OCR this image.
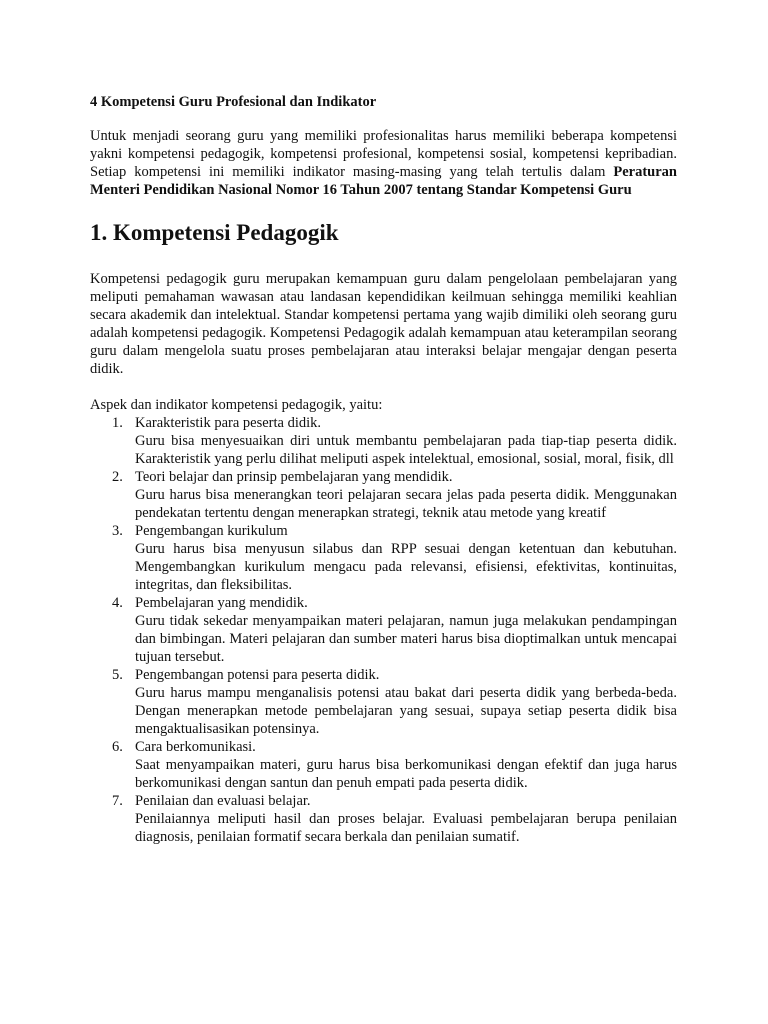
4 Kompetensi Guru Profesional dan Indikator

Untuk menjadi seorang guru yang memiliki profesionalitas harus memiliki beberapa kompetensi yakni kompetensi pedagogik, kompetensi profesional, kompetensi sosial, kompetensi kepribadian. Setiap kompetensi ini memiliki indikator masing-masing yang telah tertulis dalam Peraturan Menteri Pendidikan Nasional Nomor 16 Tahun 2007 tentang Standar Kompetensi Guru

1. Kompetensi Pedagogik

Kompetensi pedagogik guru merupakan kemampuan guru dalam pengelolaan pembelajaran yang meliputi pemahaman wawasan atau landasan kependidikan keilmuan sehingga memiliki keahlian secara akademik dan intelektual. Standar kompetensi pertama yang wajib dimiliki oleh seorang guru adalah kompetensi pedagogik. Kompetensi Pedagogik adalah kemampuan atau keterampilan seorang guru dalam mengelola suatu proses pembelajaran atau interaksi belajar mengajar dengan peserta didik.

Aspek dan indikator kompetensi pedagogik, yaitu:

1. Karakteristik para peserta didik.
Guru bisa menyesuaikan diri untuk membantu pembelajaran pada tiap-tiap peserta didik. Karakteristik yang perlu dilihat meliputi aspek intelektual, emosional, sosial, moral, fisik, dll
2. Teori belajar dan prinsip pembelajaran yang mendidik.
Guru harus bisa menerangkan teori pelajaran secara jelas pada peserta didik. Menggunakan pendekatan tertentu dengan menerapkan strategi, teknik atau metode yang kreatif
3. Pengembangan kurikulum
Guru harus bisa menyusun silabus dan RPP sesuai dengan ketentuan dan kebutuhan. Mengembangkan kurikulum mengacu pada relevansi, efisiensi, efektivitas, kontinuitas, integritas, dan fleksibilitas.
4. Pembelajaran yang mendidik.
Guru tidak sekedar menyampaikan materi pelajaran, namun juga melakukan pendampingan dan bimbingan. Materi pelajaran dan sumber materi harus bisa dioptimalkan untuk mencapai tujuan tersebut.
5. Pengembangan potensi para peserta didik.
Guru harus mampu menganalisis potensi atau bakat dari peserta didik yang berbeda-beda. Dengan menerapkan metode pembelajaran yang sesuai, supaya setiap peserta didik bisa mengaktualisasikan potensinya.
6. Cara berkomunikasi.
Saat menyampaikan materi, guru harus bisa berkomunikasi dengan efektif dan juga harus berkomunikasi dengan santun dan penuh empati pada peserta didik.
7. Penilaian dan evaluasi belajar.
Penilaiannya meliputi hasil dan proses belajar. Evaluasi pembelajaran berupa penilaian diagnosis, penilaian formatif secara berkala dan penilaian sumatif.
